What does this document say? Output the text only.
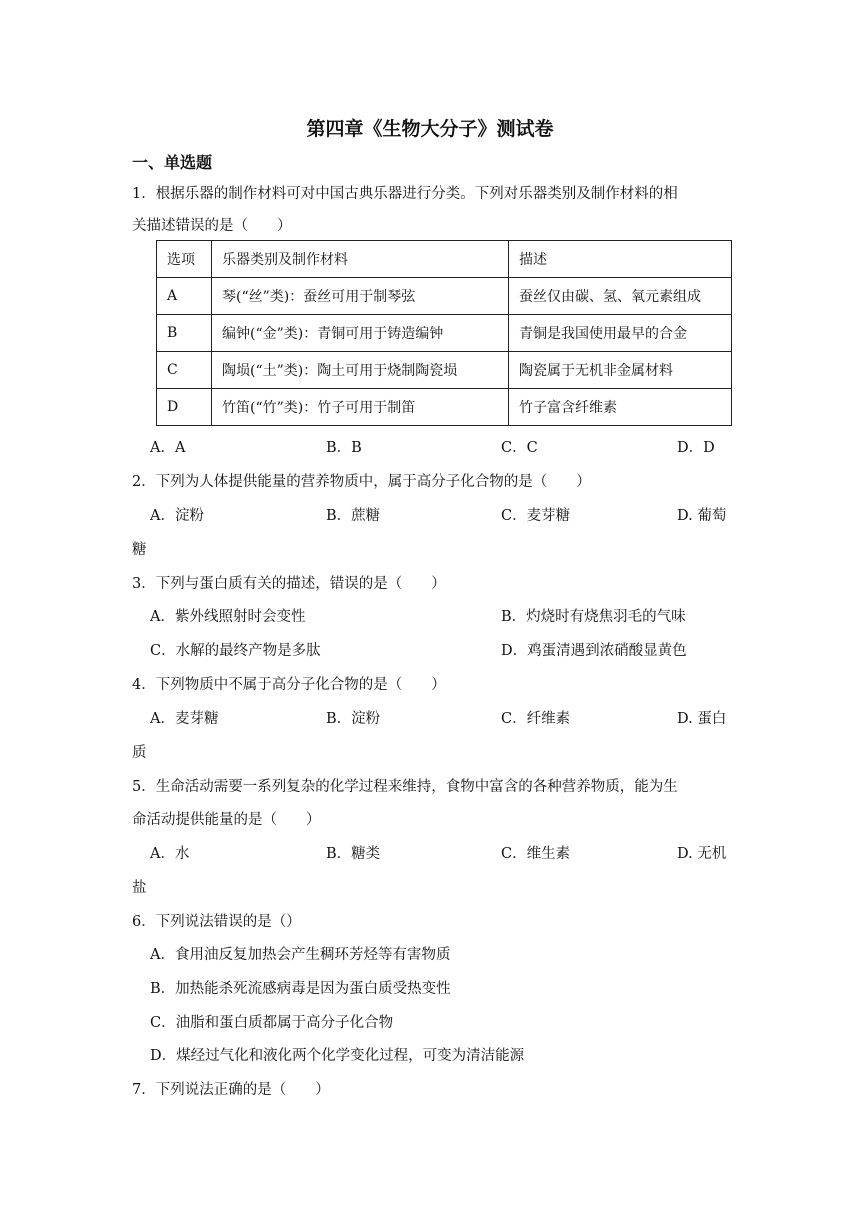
第四章《生物大分子》测试卷
一、单选题
1．根据乐器的制作材料可对中国古典乐器进行分类。下列对乐器类别及制作材料的相
关描述错误的是（　　）
选项	乐器类别及制作材料	描述
A	琴(“丝”类)：蚕丝可用于制琴弦	蚕丝仅由碳、氢、氧元素组成
B	编钟(“金”类)：青铜可用于铸造编钟	青铜是我国使用最早的合金
C	陶埙(“土”类)：陶土可用于烧制陶瓷埙	陶瓷属于无机非金属材料
D	竹笛(“竹”类)：竹子可用于制笛	竹子富含纤维素
A．A	B．B	C．C	D．D
2．下列为人体提供能量的营养物质中，属于高分子化合物的是（　　）
A．淀粉	B．蔗糖	C．麦芽糖	D. 葡萄
糖
3．下列与蛋白质有关的描述，错误的是（　　）
A．紫外线照射时会变性	B．灼烧时有烧焦羽毛的气味
C．水解的最终产物是多肽	D．鸡蛋清遇到浓硝酸显黄色
4．下列物质中不属于高分子化合物的是（　　）
A．麦芽糖	B．淀粉	C．纤维素	D. 蛋白
质
5．生命活动需要一系列复杂的化学过程来维持，食物中富含的各种营养物质，能为生
命活动提供能量的是（　　）
A．水	B．糖类	C．维生素	D. 无机
盐
6．下列说法错误的是（）
A．食用油反复加热会产生稠环芳烃等有害物质
B．加热能杀死流感病毒是因为蛋白质受热变性
C．油脂和蛋白质都属于高分子化合物
D．煤经过气化和液化两个化学变化过程，可变为清洁能源
7．下列说法正确的是（　　）
